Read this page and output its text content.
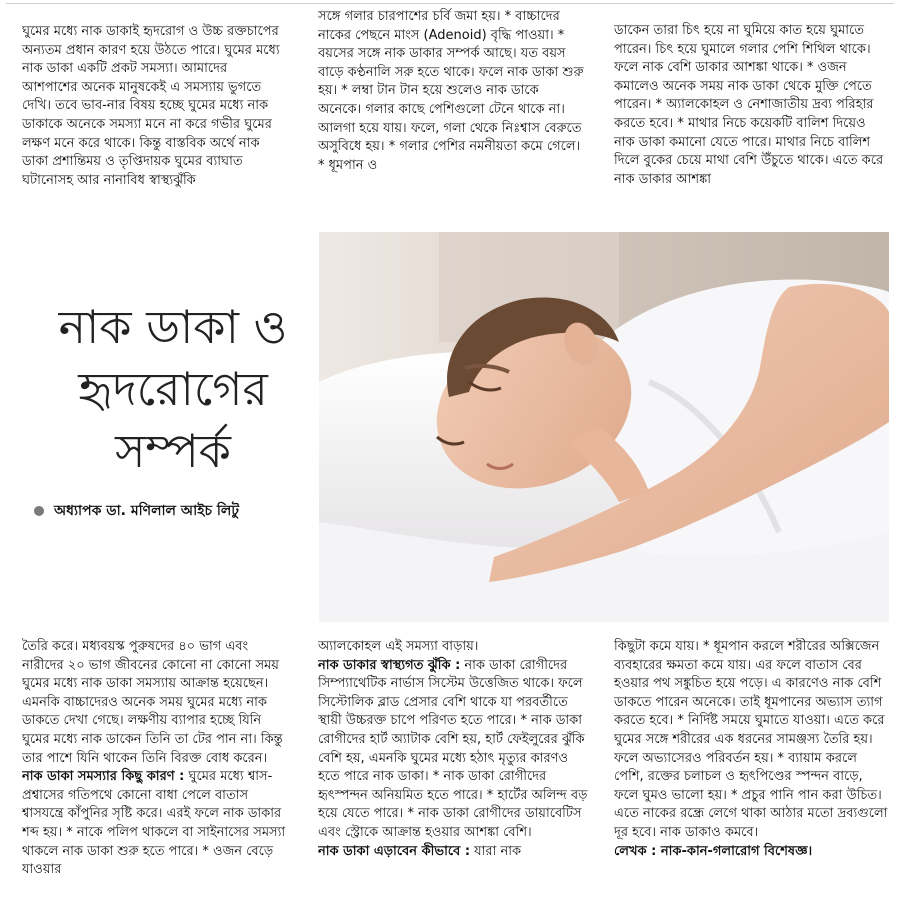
ঘুমের মধ্যে নাক ডাকাই হৃদরোগ ও উচ্চ রক্তচাপের অন্যতম প্রধান কারণ হয়ে উঠতে পারে। ঘুমের মধ্যে নাক ডাকা একটি প্রকট সমস্যা। আমাদের আশপাশের অনেক মানুষকেই এ সমস্যায় ভুগতে দেখি। তবে ভাব-নার বিষয় হচ্ছে ঘুমের মধ্যে নাক ডাকাকে অনেকে সমস্যা মনে না করে গভীর ঘুমের লক্ষণ মনে করে থাকে। কিন্তু বাস্তবিক অর্থে নাক ডাকা প্রশান্তিময় ও তৃপ্তিদায়ক ঘুমের ব্যাঘাত ঘটানোসহ আর নানাবিধ স্বাস্থ্যঝুঁকি

সঙ্গে গলার চারপাশের চর্বি জমা হয়। * বাচ্চাদের নাকের পেছনে মাংস (Adenoid) বৃদ্ধি পাওয়া। * বয়সের সঙ্গে নাক ডাকার সম্পর্ক আছে। যত বয়স বাড়ে কণ্ঠনালি সরু হতে থাকে। ফলে নাক ডাকা শুরু হয়। * লম্বা টান টান হয়ে শুলেও নাক ডাকে অনেকে। গলার কাছে পেশিগুলো টেনে থাকে না। আলগা হয়ে যায়। ফলে, গলা থেকে নিঃশ্বাস বেরুতে অসুবিধে হয়। * গলার পেশির নমনীয়তা কমে গেলে। * ধূমপান ও

ডাকেন তারা চিৎ হয়ে না ঘুমিয়ে কাত হয়ে ঘুমাতে পারেন। চিৎ হয়ে ঘুমালে গলার পেশি শিথিল থাকে। ফলে নাক বেশি ডাকার আশঙ্কা থাকে। * ওজন কমালেও অনেক সময় নাক ডাকা থেকে মুক্তি পেতে পারেন। * অ্যালকোহল ও নেশাজাতীয় দ্রব্য পরিহার করতে হবে। * মাথার নিচে কয়েকটি বালিশ দিয়েও নাক ডাকা কমানো যেতে পারে। মাথার নিচে বালিশ দিলে বুকের চেয়ে মাথা বেশি উঁচুতে থাকে। এতে করে নাক ডাকার আশঙ্কা

নাক ডাকা ও
হৃদরোগের
সম্পর্ক
অধ্যাপক ডা. মণিলাল আইচ লিটু

তৈরি করে। মধ্যবয়স্ক পুরুষদের ৪০ ভাগ এবং নারীদের ২০ ভাগ জীবনের কোনো না কোনো সময় ঘুমের মধ্যে নাক ডাকা সমস্যায় আক্রান্ত হয়েছেন। এমনকি বাচ্চাদেরও অনেক সময় ঘুমের মধ্যে নাক ডাকতে দেখা গেছে। লক্ষণীয় ব্যাপার হচ্ছে যিনি ঘুমের মধ্যে নাক ডাকেন তিনি তা টের পান না। কিন্তু তার পাশে যিনি থাকেন তিনি বিরক্ত বোধ করেন।
নাক ডাকা সমস্যার কিছু কারণ : ঘুমের মধ্যে শ্বাস-প্রশ্বাসের গতিপথে কোনো বাধা পেলে বাতাস শ্বাসযন্ত্রে কাঁপুনির সৃষ্টি করে। এরই ফলে নাক ডাকার শব্দ হয়। * নাকে পলিপ থাকলে বা সাইনাসের সমস্যা থাকলে নাক ডাকা শুরু হতে পারে। * ওজন বেড়ে যাওয়ার

অ্যালকোহল এই সমস্যা বাড়ায়।
নাক ডাকার স্বাস্থ্যগত ঝুঁকি : নাক ডাকা রোগীদের সিম্প্যাথেটিক নার্ভাস সিস্টেম উত্তেজিত থাকে। ফলে সিস্টোলিক ব্লাড প্রেসার বেশি থাকে যা পরবর্তীতে স্থায়ী উচ্চরক্ত চাপে পরিণত হতে পারে। * নাক ডাকা রোগীদের হার্ট অ্যাটাক বেশি হয়, হার্ট ফেইলুরের ঝুঁকি বেশি হয়, এমনকি ঘুমের মধ্যে হঠাৎ মৃত্যুর কারণও হতে পারে নাক ডাকা। * নাক ডাকা রোগীদের হৃৎস্পন্দন অনিয়মিত হতে পারে। * হার্টের অলিন্দ বড় হয়ে যেতে পারে। * নাক ডাকা রোগীদের ডায়াবেটিস এবং স্ট্রোকে আক্রান্ত হওয়ার আশঙ্কা বেশি।
নাক ডাকা এড়াবেন কীভাবে : যারা নাক

কিছুটা কমে যায়। * ধূমপান করলে শরীরের অক্সিজেন ব্যবহারের ক্ষমতা কমে যায়। এর ফলে বাতাস বের হওয়ার পথ সঙ্কুচিত হয়ে পড়ে। এ কারণেও নাক বেশি ডাকতে পারেন অনেকে। তাই ধূমপানের অভ্যাস ত্যাগ করতে হবে। * নির্দিষ্ট সময়ে ঘুমাতে যাওয়া। এতে করে ঘুমের সঙ্গে শরীরের এক ধরনের সামঞ্জস্য তৈরি হয়। ফলে অভ্যাসেরও পরিবর্তন হয়। * ব্যায়াম করলে পেশি, রক্তের চলাচল ও হৃৎপিণ্ডের স্পন্দন বাড়ে, ফলে ঘুমও ভালো হয়। * প্রচুর পানি পান করা উচিত। এতে নাকের রন্ধ্রে লেগে থাকা আঠার মতো দ্রব্যগুলো দূর হবে। নাক ডাকাও কমবে।
লেখক : নাক-কান-গলারোগ বিশেষজ্ঞ।
